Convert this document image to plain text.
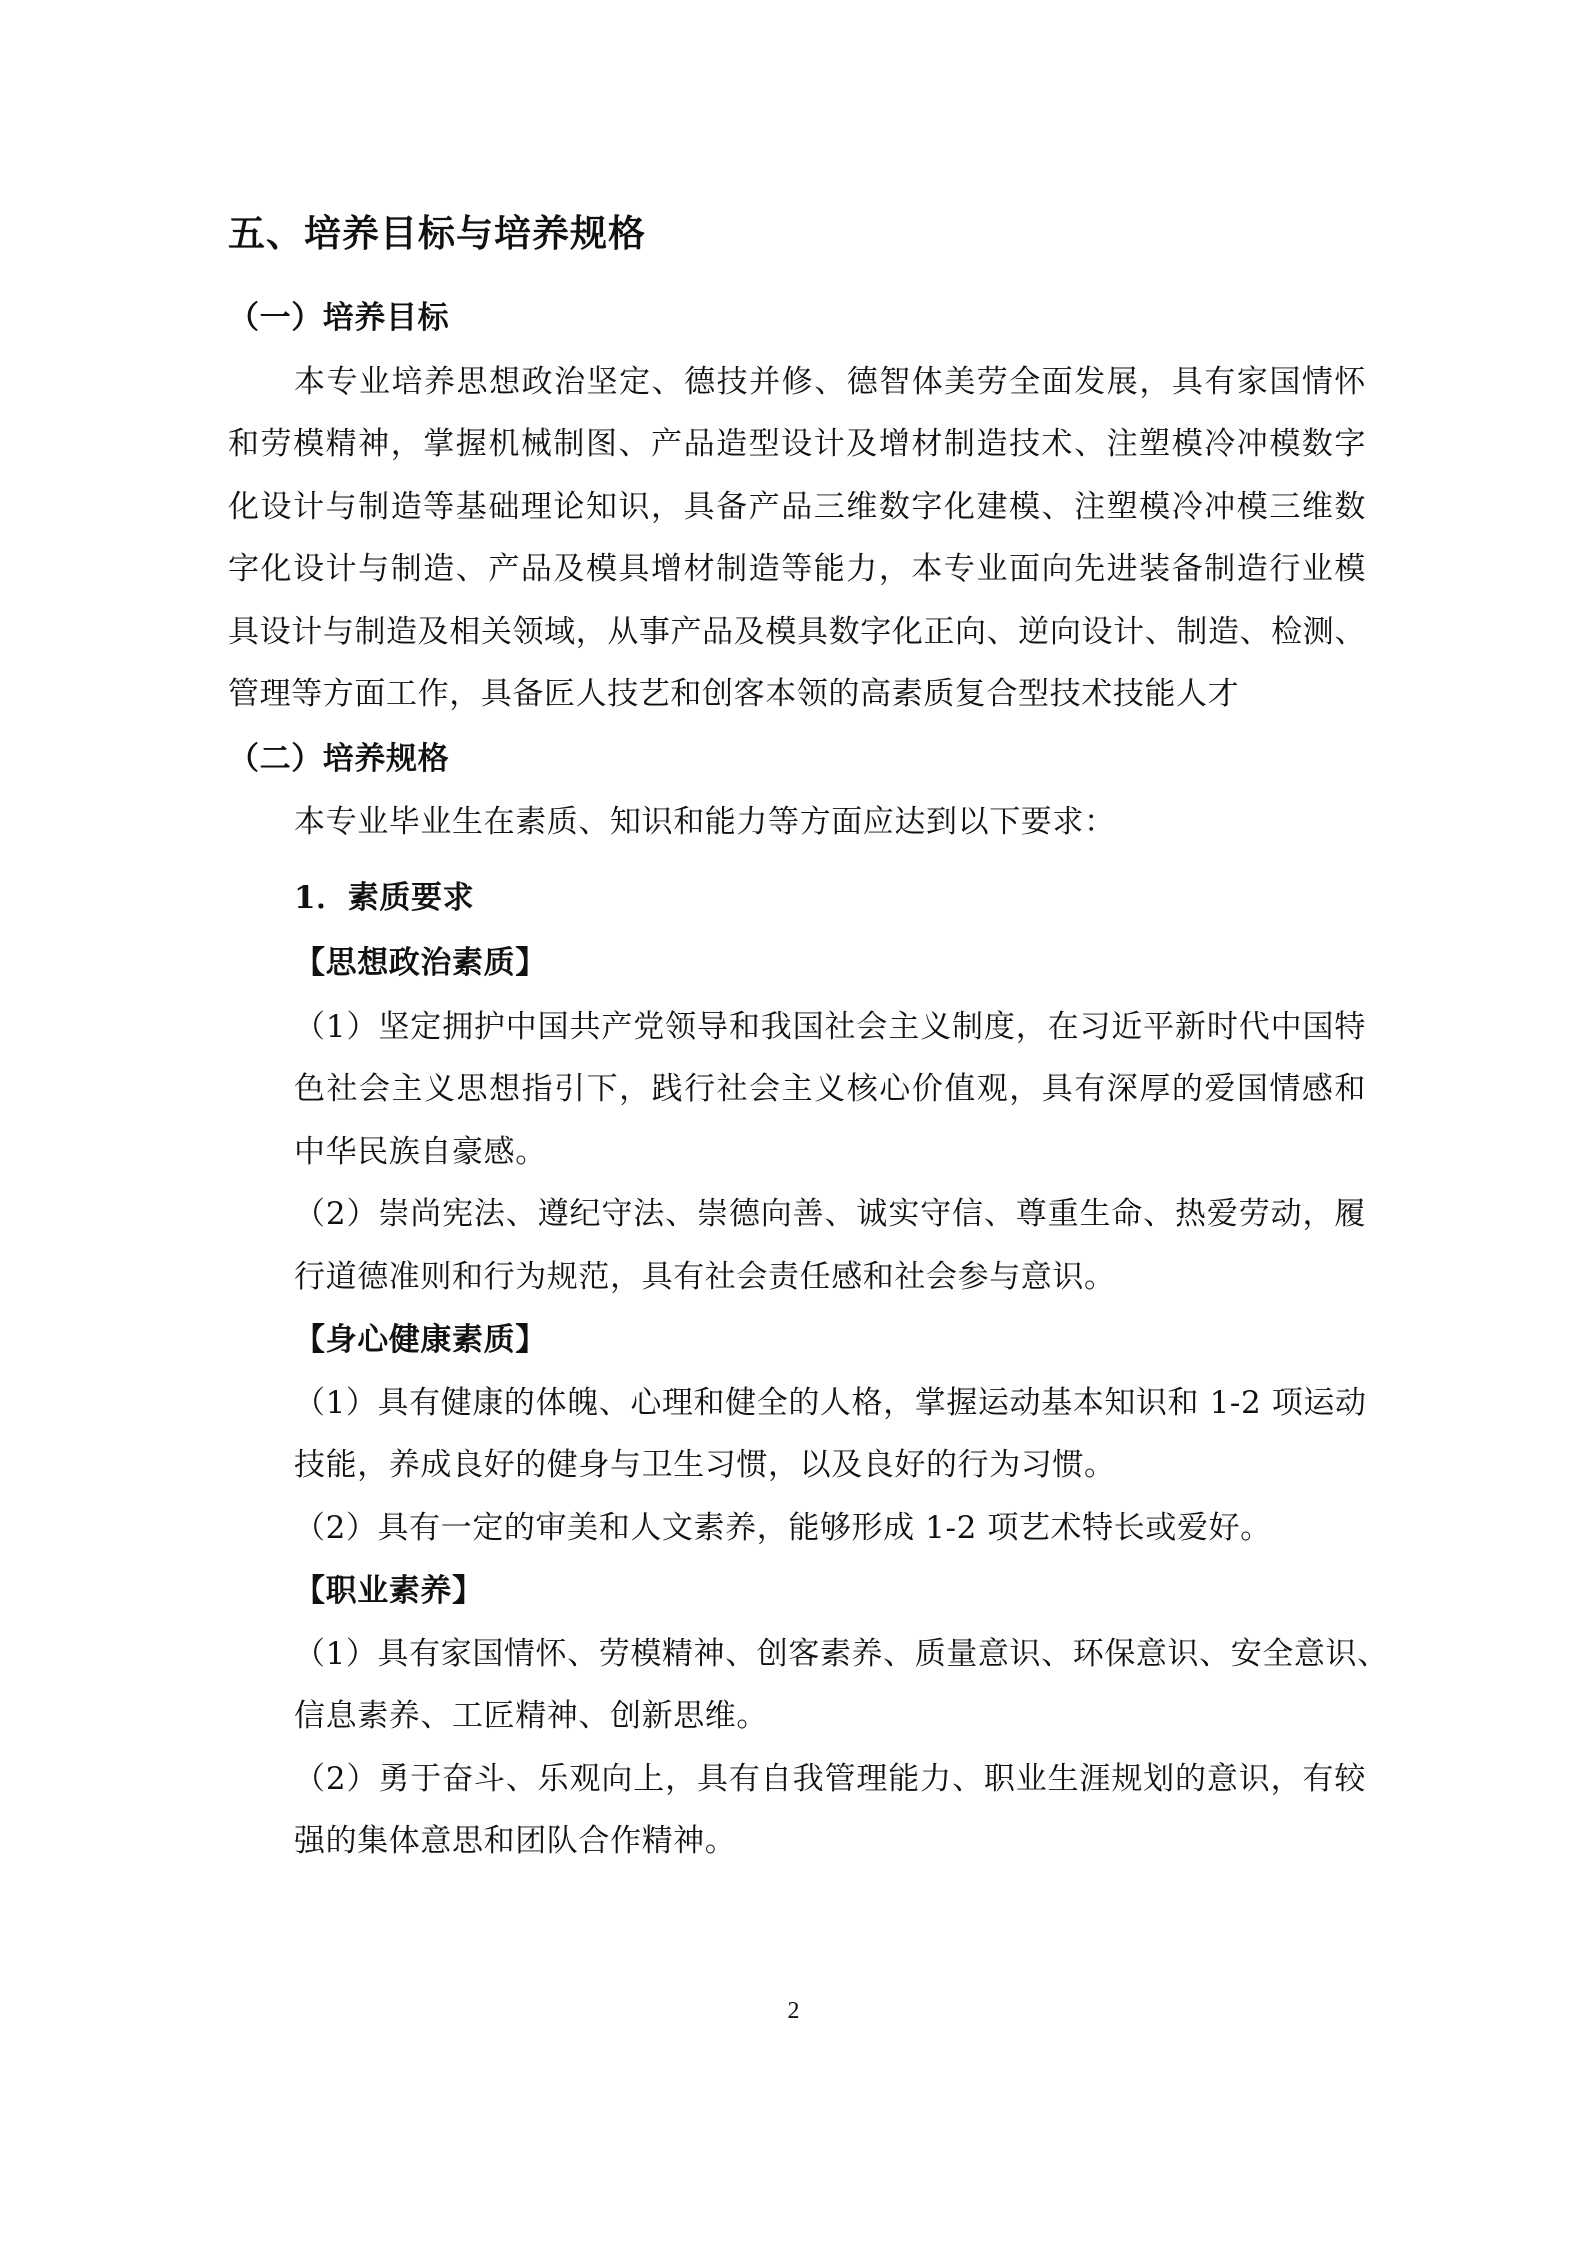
五、培养目标与培养规格
（一）培养目标
本专业培养思想政治坚定、德技并修、德智体美劳全面发展，具有家国情怀
和劳模精神，掌握机械制图、产品造型设计及增材制造技术、注塑模冷冲模数字
化设计与制造等基础理论知识，具备产品三维数字化建模、注塑模冷冲模三维数
字化设计与制造、产品及模具增材制造等能力，本专业面向先进装备制造行业模
具设计与制造及相关领域，从事产品及模具数字化正向、逆向设计、制造、检测、
管理等方面工作，具备匠人技艺和创客本领的高素质复合型技术技能人才
（二）培养规格
本专业毕业生在素质、知识和能力等方面应达到以下要求：
1．素质要求
【思想政治素质】
（1）坚定拥护中国共产党领导和我国社会主义制度，在习近平新时代中国特
色社会主义思想指引下，践行社会主义核心价值观，具有深厚的爱国情感和
中华民族自豪感。
（2）崇尚宪法、遵纪守法、崇德向善、诚实守信、尊重生命、热爱劳动，履
行道德准则和行为规范，具有社会责任感和社会参与意识。
【身心健康素质】
（1）具有健康的体魄、心理和健全的人格，掌握运动基本知识和 1-2 项运动
技能，养成良好的健身与卫生习惯，以及良好的行为习惯。
（2）具有一定的审美和人文素养，能够形成 1-2 项艺术特长或爱好。
【职业素养】
（1）具有家国情怀、劳模精神、创客素养、质量意识、环保意识、安全意识、
信息素养、工匠精神、创新思维。
（2）勇于奋斗、乐观向上，具有自我管理能力、职业生涯规划的意识，有较
强的集体意思和团队合作精神。
2
